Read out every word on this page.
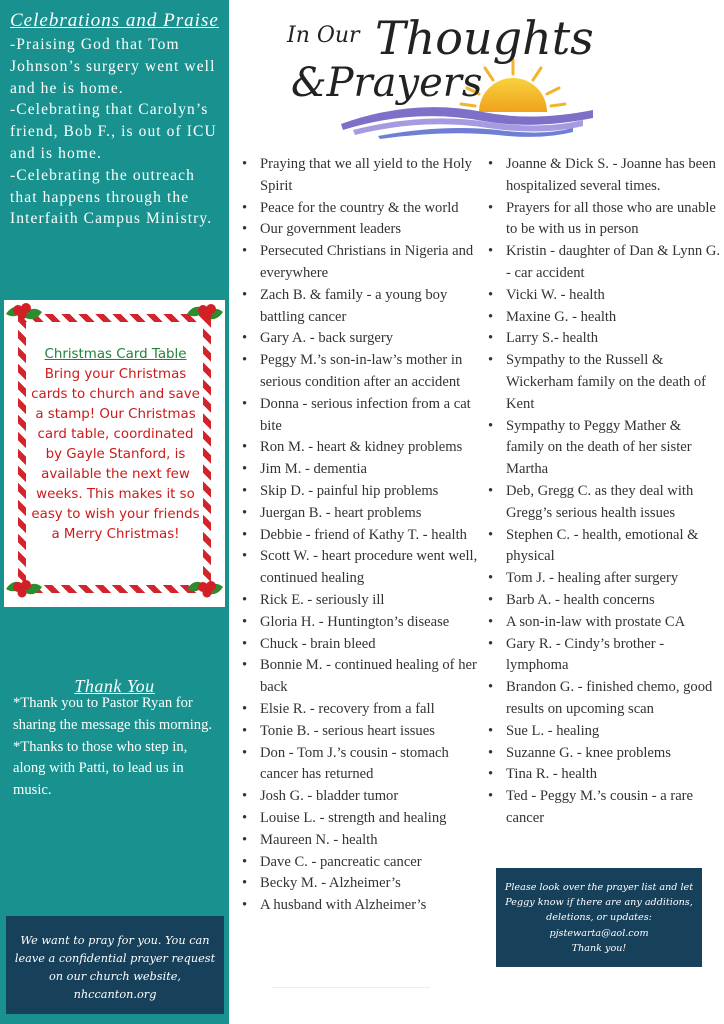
Celebrations and Praise

-Praising God that Tom Johnson’s surgery went well and he is home.

-Celebrating that Carolyn’s friend, Bob F., is out of ICU and is home.

-Celebrating the outreach that happens through the Interfaith Campus Ministry.

Christmas Card Table
Bring your Christmas cards to church and save a stamp! Our Christmas card table, coordinated by Gayle Stanford, is available the next few weeks. This makes it so easy to wish your friends a Merry Christmas!
Thank You

*Thank you to Pastor Ryan for sharing the message this morning.

*Thanks to those who step in, along with Patti, to lead us in music.

We want to pray for you. You can leave a confidential prayer request on our church website, nhccanton.org
In Our Thoughts
&Prayers
• Praying that we all yield to the Holy Spirit
• Peace for the country & the world
• Our government leaders
• Persecuted Christians in Nigeria and everywhere
• Zach B. & family - a young boy battling cancer
• Gary A. - back surgery
• Peggy M.’s son-in-law’s mother in serious condition after an accident
• Donna - serious infection from a cat bite
• Ron M. - heart & kidney problems
• Jim M. - dementia
• Skip D. - painful hip problems
• Juergan B. - heart problems
• Debbie - friend of Kathy T. - health
• Scott W. - heart procedure went well, continued healing
• Rick E. - seriously ill
• Gloria H. - Huntington’s disease
• Chuck - brain bleed
• Bonnie M. - continued healing of her back
• Elsie R. - recovery from a fall
• Tonie B. - serious heart issues
• Don - Tom J.’s cousin - stomach cancer has returned
• Josh G. - bladder tumor
• Louise L. - strength and healing
• Maureen N. - health
• Dave C. - pancreatic cancer
• Becky M. - Alzheimer’s
• A husband with Alzheimer’s
• Joanne & Dick S. - Joanne has been hospitalized several times.
• Prayers for all those who are unable to be with us in person
• Kristin - daughter of Dan & Lynn G. - car accident
• Vicki W. - health
• Maxine G. - health
• Larry S.- health
• Sympathy to the Russell & Wickerham family on the death of Kent
• Sympathy to Peggy Mather & family on the death of her sister Martha
• Deb, Gregg C. as they deal with Gregg’s serious health issues
• Stephen C. - health, emotional & physical
• Tom J. - healing after surgery
• Barb A. - health concerns
• A son-in-law with prostate CA
• Gary R. - Cindy’s brother - lymphoma
• Brandon G. - finished chemo, good results on upcoming scan
• Sue L. - healing
• Suzanne G. - knee problems
• Tina R. - health
• Ted - Peggy M.’s cousin - a rare cancer
Please look over the prayer list and let
Peggy know if there are any additions,
deletions, or updates:
pjstewarta@aol.com
Thank you!
